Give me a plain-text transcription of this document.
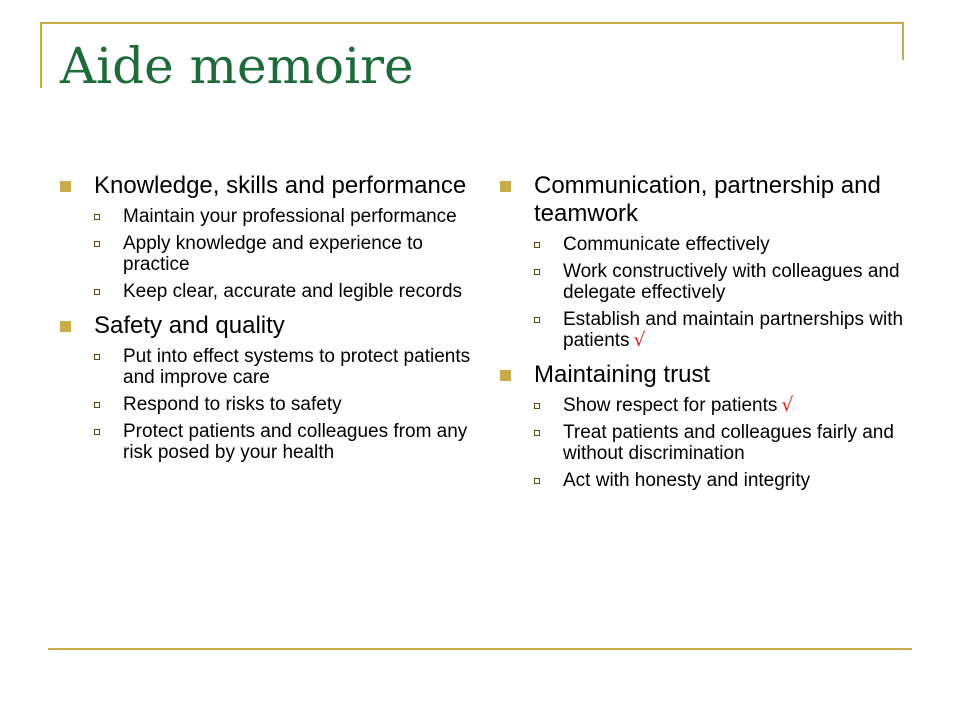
Aide memoire
Knowledge, skills and performance
Maintain your professional performance
Apply knowledge and experience to practice
Keep clear, accurate and legible records
Safety and quality
Put into effect systems to protect patients and improve care
Respond to risks to safety
Protect patients and colleagues from any risk posed by your health
Communication, partnership and teamwork
Communicate effectively
Work constructively with colleagues and delegate effectively
Establish and maintain partnerships with patients √
Maintaining trust
Show respect for patients √
Treat patients and colleagues fairly and without discrimination
Act with honesty and integrity
